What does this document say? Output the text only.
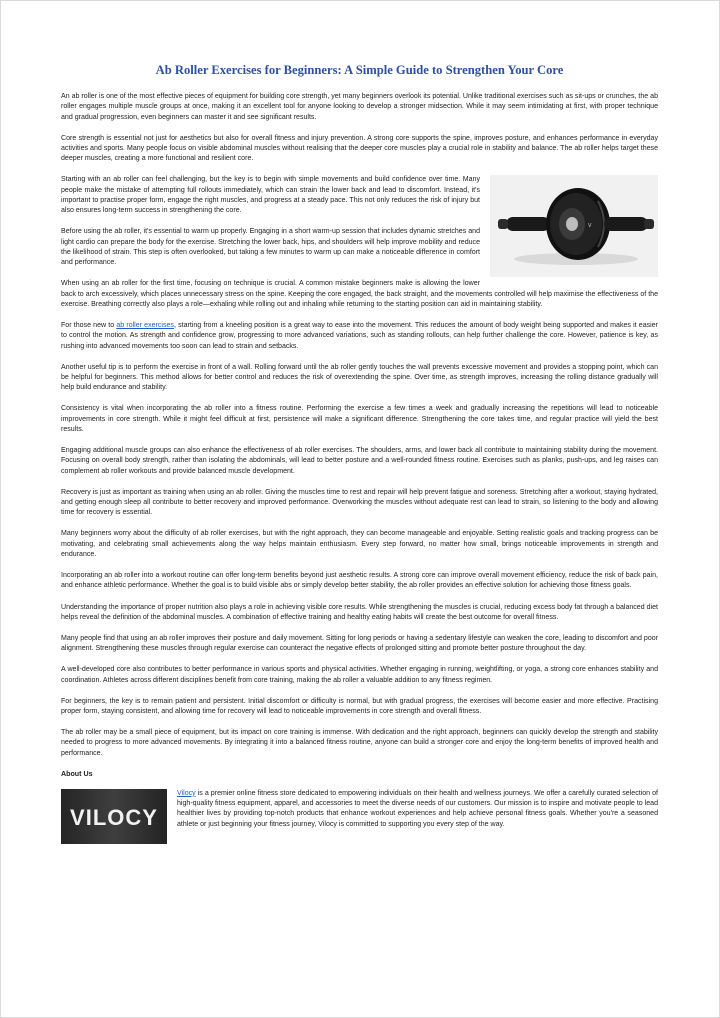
Ab Roller Exercises for Beginners: A Simple Guide to Strengthen Your Core

An ab roller is one of the most effective pieces of equipment for building core strength, yet many beginners overlook its potential. Unlike traditional exercises such as sit-ups or crunches, the ab roller engages multiple muscle groups at once, making it an excellent tool for anyone looking to develop a stronger midsection. While it may seem intimidating at first, with proper technique and gradual progression, even beginners can master it and see significant results.

Core strength is essential not just for aesthetics but also for overall fitness and injury prevention. A strong core supports the spine, improves posture, and enhances performance in everyday activities and sports. Many people focus on visible abdominal muscles without realising that the deeper core muscles play a crucial role in stability and balance. The ab roller helps target these deeper muscles, creating a more functional and resilient core.

V

Starting with an ab roller can feel challenging, but the key is to begin with simple movements and build confidence over time. Many people make the mistake of attempting full rollouts immediately, which can strain the lower back and lead to discomfort. Instead, it's important to practise proper form, engage the right muscles, and progress at a steady pace. This not only reduces the risk of injury but also ensures long-term success in strengthening the core.

Before using the ab roller, it's essential to warm up properly. Engaging in a short warm-up session that includes dynamic stretches and light cardio can prepare the body for the exercise. Stretching the lower back, hips, and shoulders will help improve mobility and reduce the likelihood of strain. This step is often overlooked, but taking a few minutes to warm up can make a noticeable difference in comfort and performance.

When using an ab roller for the first time, focusing on technique is crucial. A common mistake beginners make is allowing the lower back to arch excessively, which places unnecessary stress on the spine. Keeping the core engaged, the back straight, and the movements controlled will help maximise the effectiveness of the exercise. Breathing correctly also plays a role—exhaling while rolling out and inhaling while returning to the starting position can aid in maintaining stability.

For those new to ab roller exercises, starting from a kneeling position is a great way to ease into the movement. This reduces the amount of body weight being supported and makes it easier to control the motion. As strength and confidence grow, progressing to more advanced variations, such as standing rollouts, can help further challenge the core. However, patience is key, as rushing into advanced movements too soon can lead to strain and setbacks.

Another useful tip is to perform the exercise in front of a wall. Rolling forward until the ab roller gently touches the wall prevents excessive movement and provides a stopping point, which can be helpful for beginners. This method allows for better control and reduces the risk of overextending the spine. Over time, as strength improves, increasing the rolling distance gradually will help build endurance and stability.

Consistency is vital when incorporating the ab roller into a fitness routine. Performing the exercise a few times a week and gradually increasing the repetitions will lead to noticeable improvements in core strength. While it might feel difficult at first, persistence will make a significant difference. Strengthening the core takes time, and regular practice will yield the best results.

Engaging additional muscle groups can also enhance the effectiveness of ab roller exercises. The shoulders, arms, and lower back all contribute to maintaining stability during the movement. Focusing on overall body strength, rather than isolating the abdominals, will lead to better posture and a well-rounded fitness routine. Exercises such as planks, push-ups, and leg raises can complement ab roller workouts and provide balanced muscle development.

Recovery is just as important as training when using an ab roller. Giving the muscles time to rest and repair will help prevent fatigue and soreness. Stretching after a workout, staying hydrated, and getting enough sleep all contribute to better recovery and improved performance. Overworking the muscles without adequate rest can lead to strain, so listening to the body and allowing time for recovery is essential.

Many beginners worry about the difficulty of ab roller exercises, but with the right approach, they can become manageable and enjoyable. Setting realistic goals and tracking progress can be motivating, and celebrating small achievements along the way helps maintain enthusiasm. Every step forward, no matter how small, brings noticeable improvements in strength and endurance.

Incorporating an ab roller into a workout routine can offer long-term benefits beyond just aesthetic results. A strong core can improve overall movement efficiency, reduce the risk of back pain, and enhance athletic performance. Whether the goal is to build visible abs or simply develop better stability, the ab roller provides an effective solution for achieving those fitness goals.

Understanding the importance of proper nutrition also plays a role in achieving visible core results. While strengthening the muscles is crucial, reducing excess body fat through a balanced diet helps reveal the definition of the abdominal muscles. A combination of effective training and healthy eating habits will create the best outcome for overall fitness.

Many people find that using an ab roller improves their posture and daily movement. Sitting for long periods or having a sedentary lifestyle can weaken the core, leading to discomfort and poor alignment. Strengthening these muscles through regular exercise can counteract the negative effects of prolonged sitting and promote better posture throughout the day.

A well-developed core also contributes to better performance in various sports and physical activities. Whether engaging in running, weightlifting, or yoga, a strong core enhances stability and coordination. Athletes across different disciplines benefit from core training, making the ab roller a valuable addition to any fitness regimen.

For beginners, the key is to remain patient and persistent. Initial discomfort or difficulty is normal, but with gradual progress, the exercises will become easier and more effective. Practising proper form, staying consistent, and allowing time for recovery will lead to noticeable improvements in core strength and overall fitness.

The ab roller may be a small piece of equipment, but its impact on core training is immense. With dedication and the right approach, beginners can quickly develop the strength and stability needed to progress to more advanced movements. By integrating it into a balanced fitness routine, anyone can build a stronger core and enjoy the long-term benefits of improved health and performance.

About Us
VILOCY

Vilocy is a premier online fitness store dedicated to empowering individuals on their health and wellness journeys. We offer a carefully curated selection of high-quality fitness equipment, apparel, and accessories to meet the diverse needs of our customers. Our mission is to inspire and motivate people to lead healthier lives by providing top-notch products that enhance workout experiences and help achieve personal fitness goals. Whether you're a seasoned athlete or just beginning your fitness journey, Vilocy is committed to supporting you every step of the way.
